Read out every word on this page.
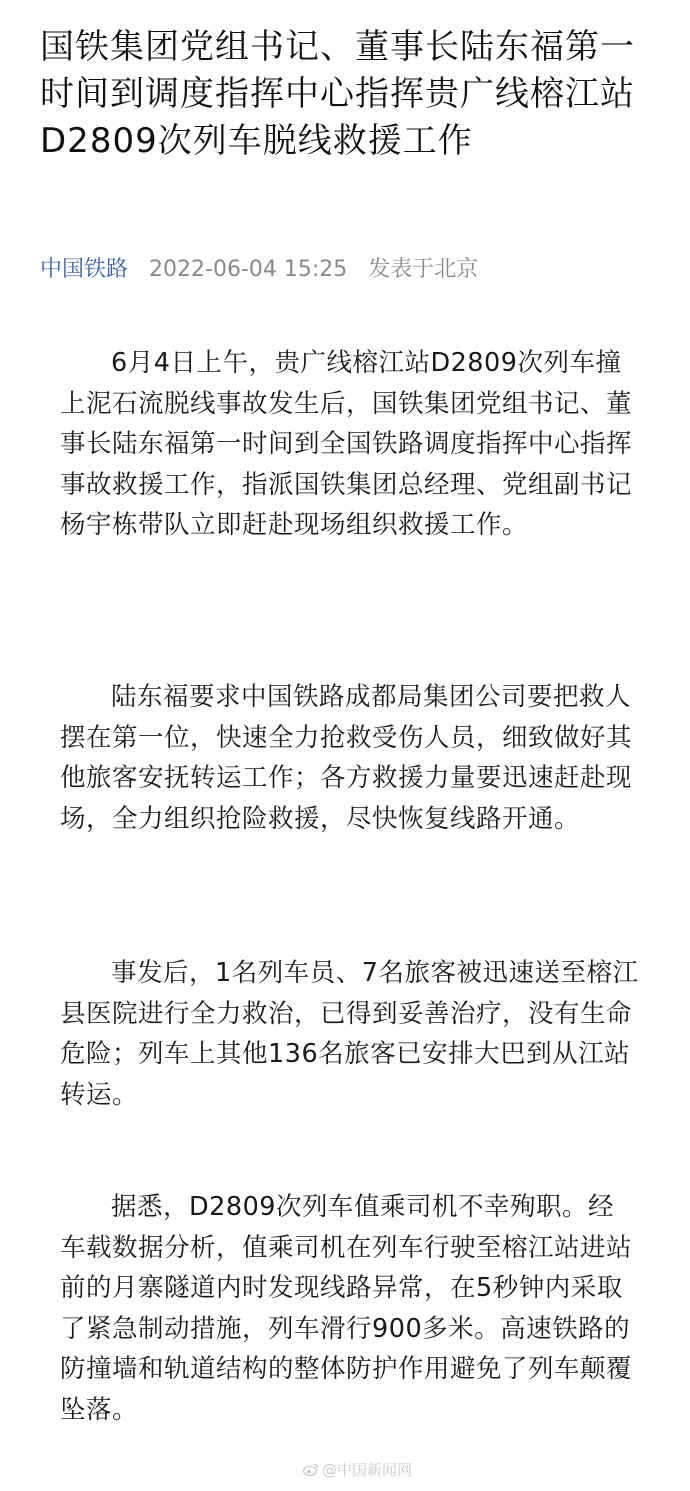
国铁集团党组书记、董事长陆东福第一时间到调度指挥中心指挥贵广线榕江站D2809次列车脱线救援工作
中国铁路 2022-06-04 15:25 发表于北京

6月4日上午，贵广线榕江站D2809次列车撞上泥石流脱线事故发生后，国铁集团党组书记、董事长陆东福第一时间到全国铁路调度指挥中心指挥事故救援工作，指派国铁集团总经理、党组副书记杨宇栋带队立即赶赴现场组织救援工作。

陆东福要求中国铁路成都局集团公司要把救人摆在第一位，快速全力抢救受伤人员，细致做好其他旅客安抚转运工作；各方救援力量要迅速赶赴现场，全力组织抢险救援，尽快恢复线路开通。

事发后，1名列车员、7名旅客被迅速送至榕江县医院进行全力救治，已得到妥善治疗，没有生命危险；列车上其他136名旅客已安排大巴到从江站转运。

据悉，D2809次列车值乘司机不幸殉职。经车载数据分析，值乘司机在列车行驶至榕江站进站前的月寨隧道内时发现线路异常，在5秒钟内采取了紧急制动措施，列车滑行900多米。高速铁路的防撞墙和轨道结构的整体防护作用避免了列车颠覆坠落。

@中国新闻网
